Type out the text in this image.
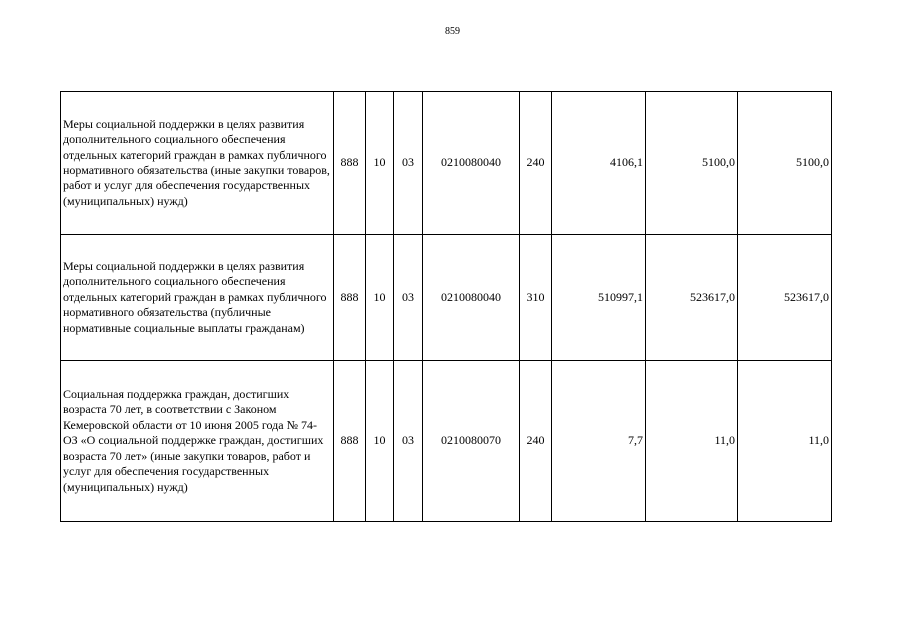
859
Меры социальной поддержки в целях развития дополнительного социального обеспечения отдельных категорий граждан в рамках публичного нормативного обязательства (иные закупки товаров, работ и услуг для обеспечения государственных (муниципальных) нужд)	888	10	03	0210080040	240	4106,1	5100,0	5100,0
Меры социальной поддержки в целях развития дополнительного социального обеспечения отдельных категорий граждан в рамках публичного нормативного обязательства (публичные нормативные социальные выплаты гражданам)	888	10	03	0210080040	310	510997,1	523617,0	523617,0
Социальная поддержка граждан, достигших возраста 70 лет, в соответствии с Законом Кемеровской области от 10 июня 2005 года № 74-ОЗ «О социальной поддержке граждан, достигших возраста 70 лет» (иные закупки товаров, работ и услуг для обеспечения государственных (муниципальных) нужд)	888	10	03	0210080070	240	7,7	11,0	11,0
